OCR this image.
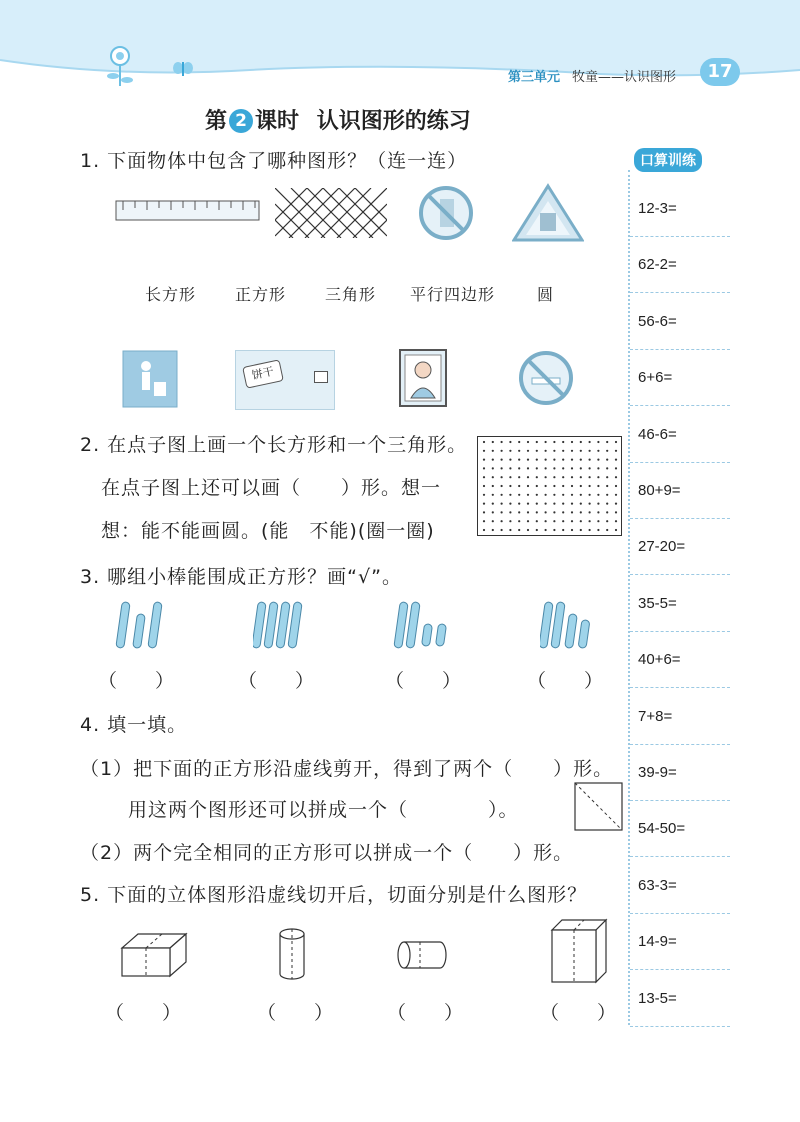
第三单元 牧童——认识图形	17
第 2 课时 认识图形的练习
1. 下面物体中包含了哪种图形？（连一连）
长方形 正方形 三角形 平行四边形	圆
饼干
2. 在点子图上画一个长方形和一个三角形。
在点子图上还可以画（　　）形。想一
想：能不能画圆。(能　不能)(圈一圈)
3. 哪组小棒能围成正方形？画“√”。
（　　）	（　　）	（　　）	（　　）
4. 填一填。
（1）把下面的正方形沿虚线剪开，得到了两个（　　）形。
用这两个图形还可以拼成一个（　　　　）。
（2）两个完全相同的正方形可以拼成一个（　　）形。
5. 下面的立体图形沿虚线切开后，切面分别是什么图形？
（　　）	（　　）	（　　）	（　　）
口算训练
12-3=
62-2=
56-6=
6+6=
46-6=
80+9=
27-20=
35-5=
40+6=
7+8=
39-9=
54-50=
63-3=
14-9=
13-5=
